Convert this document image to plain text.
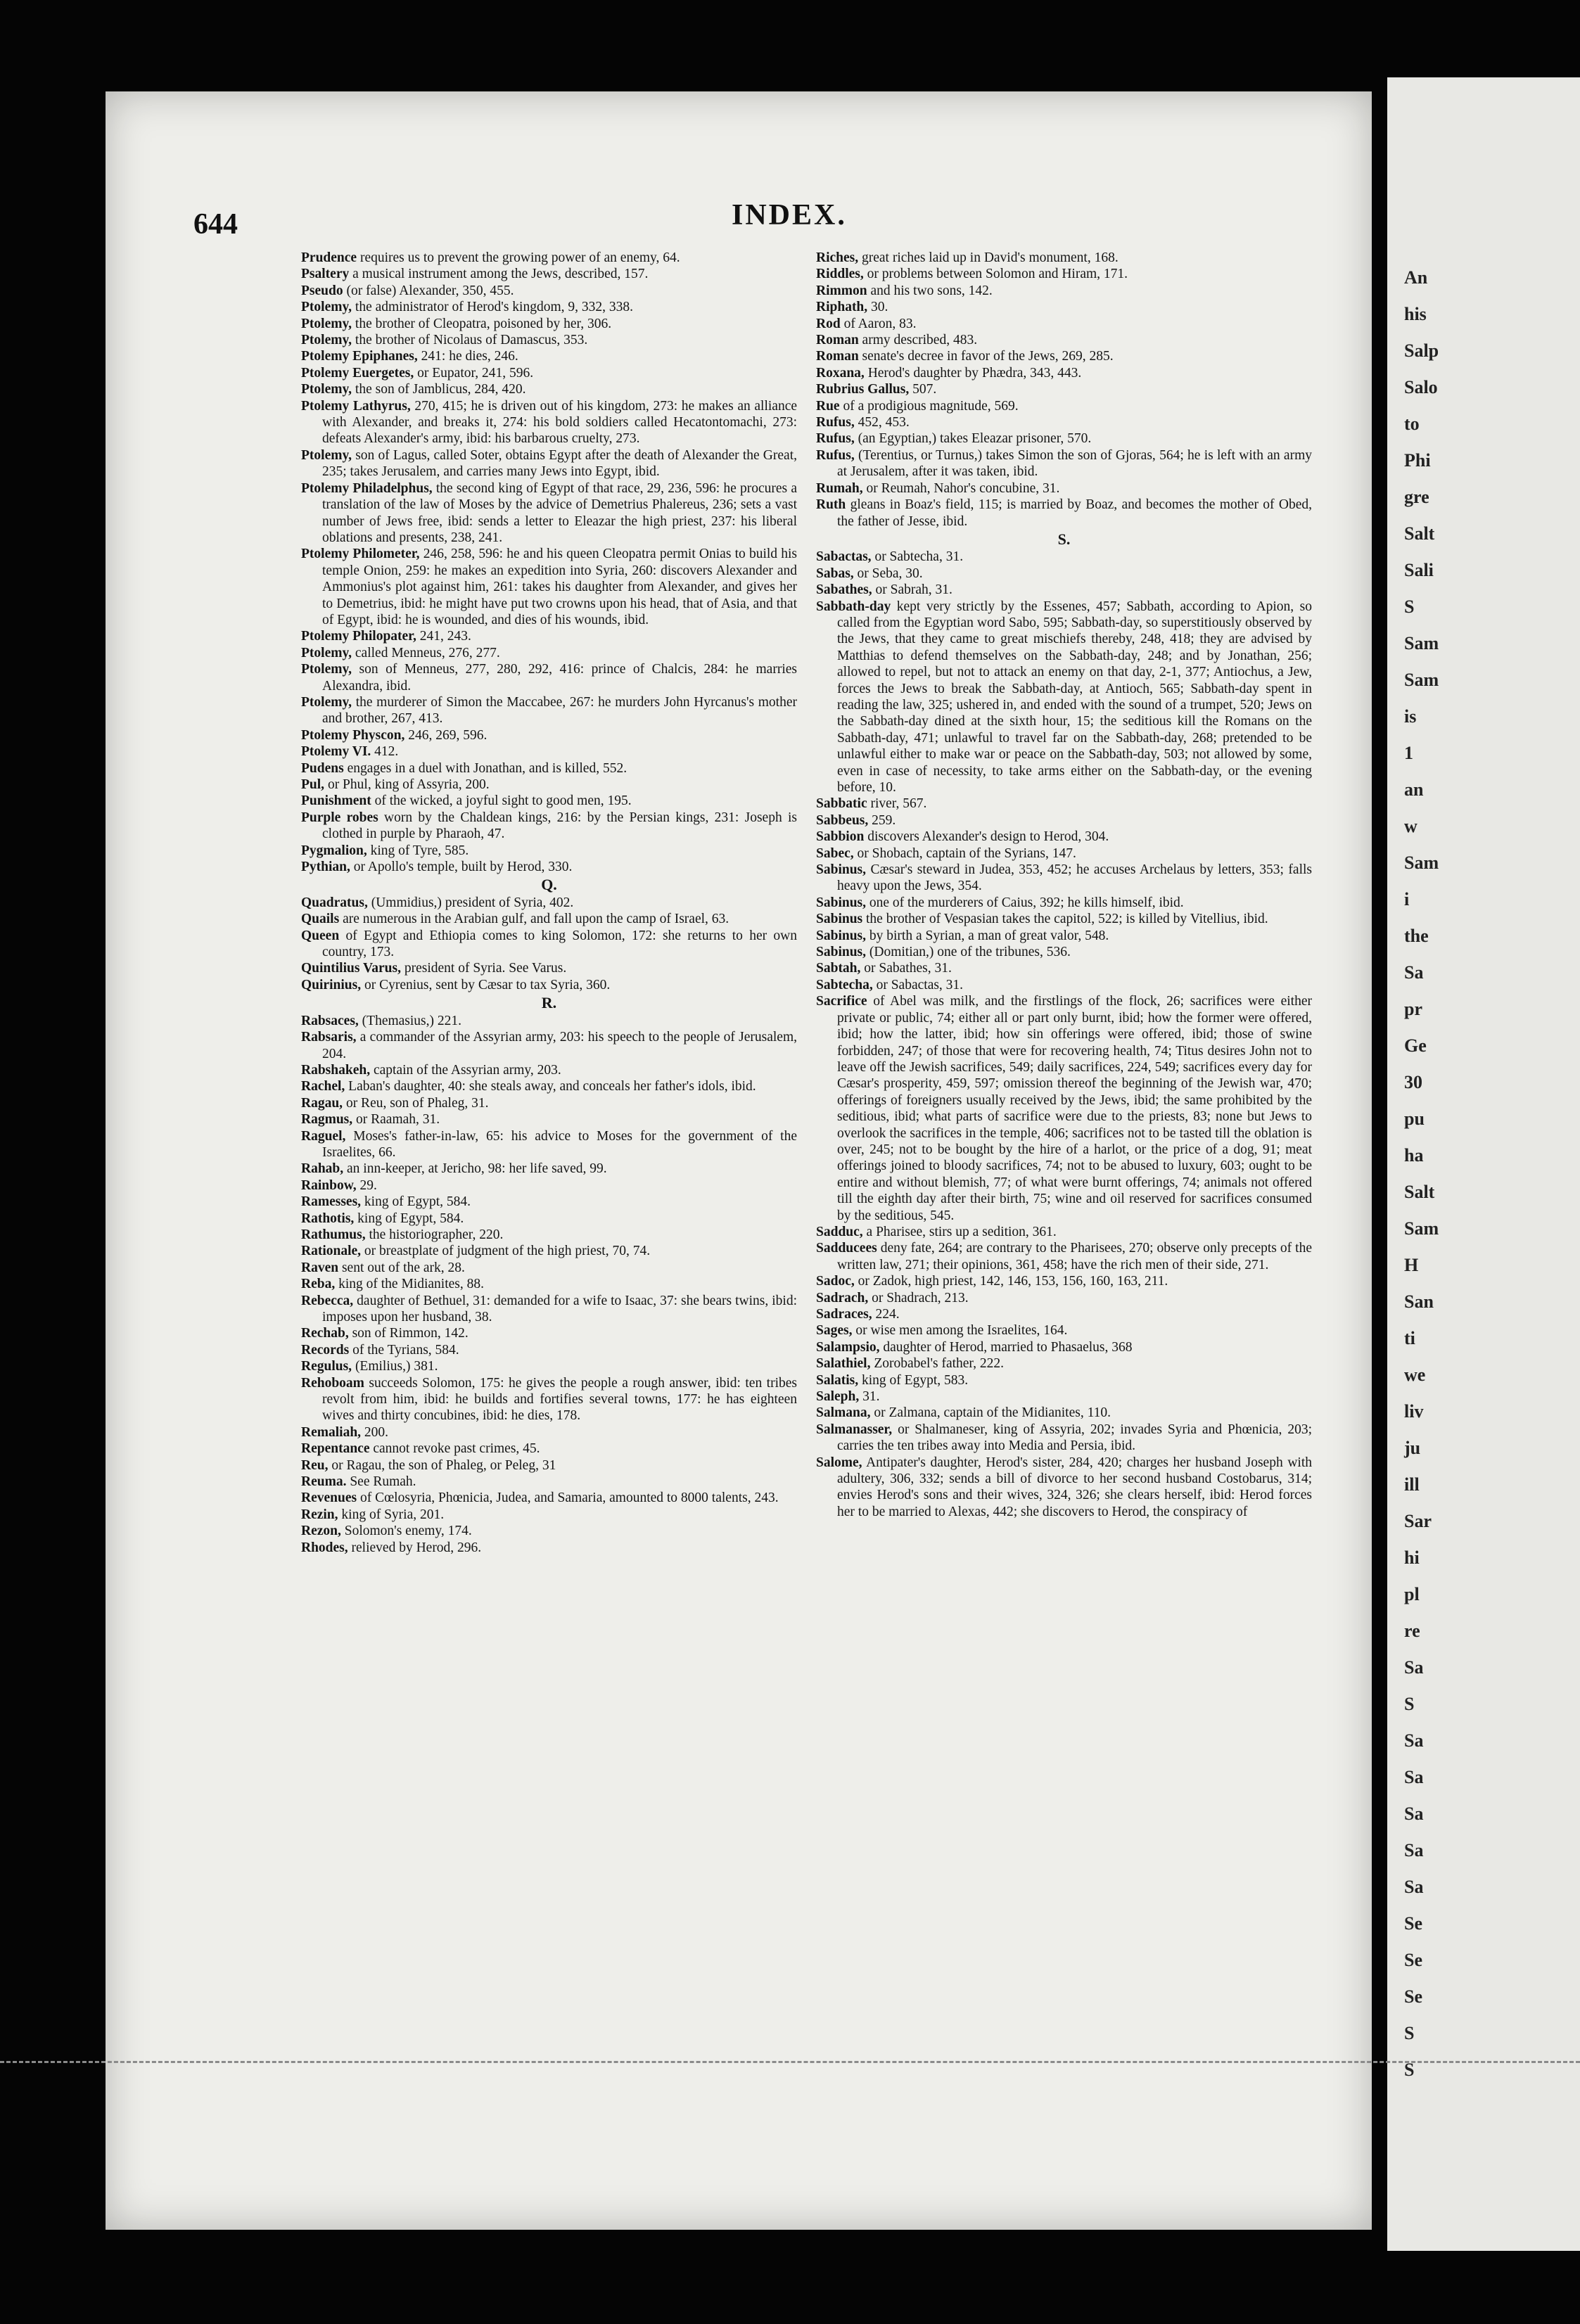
An
his
Salp
Salo
to
Phi
gre
Salt
Sali
S
Sam
Sam
is
1
an
w
Sam
i
the
Sa
pr
Ge
30
pu
ha
Salt
Sam
H
San
ti
we
liv
ju
ill
Sar
hi
pl
re
Sa
S
Sa
Sa
Sa
Sa
Sa
Se
Se
Se
S
S
644	INDEX.

Prudence requires us to prevent the growing power of an enemy, 64.

Psaltery a musical instrument among the Jews, described, 157.

Pseudo (or false) Alexander, 350, 455.

Ptolemy, the administrator of Herod's kingdom, 9, 332, 338.

Ptolemy, the brother of Cleopatra, poisoned by her, 306.

Ptolemy, the brother of Nicolaus of Damascus, 353.

Ptolemy Epiphanes, 241: he dies, 246.

Ptolemy Euergetes, or Eupator, 241, 596.

Ptolemy, the son of Jamblicus, 284, 420.

Ptolemy Lathyrus, 270, 415; he is driven out of his kingdom, 273: he makes an alliance with Alexander, and breaks it, 274: his bold soldiers called Hecatontomachi, 273: defeats Alexander's army, ibid: his barbarous cruelty, 273.

Ptolemy, son of Lagus, called Soter, obtains Egypt after the death of Alexander the Great, 235; takes Jerusalem, and carries many Jews into Egypt, ibid.

Ptolemy Philadelphus, the second king of Egypt of that race, 29, 236, 596: he procures a translation of the law of Moses by the advice of Demetrius Phalereus, 236; sets a vast number of Jews free, ibid: sends a letter to Eleazar the high priest, 237: his liberal oblations and presents, 238, 241.

Ptolemy Philometer, 246, 258, 596: he and his queen Cleopatra permit Onias to build his temple Onion, 259: he makes an expedition into Syria, 260: discovers Alexander and Ammonius's plot against him, 261: takes his daughter from Alexander, and gives her to Demetrius, ibid: he might have put two crowns upon his head, that of Asia, and that of Egypt, ibid: he is wounded, and dies of his wounds, ibid.

Ptolemy Philopater, 241, 243.

Ptolemy, called Menneus, 276, 277.

Ptolemy, son of Menneus, 277, 280, 292, 416: prince of Chalcis, 284: he marries Alexandra, ibid.

Ptolemy, the murderer of Simon the Maccabee, 267: he murders John Hyrcanus's mother and brother, 267, 413.

Ptolemy Physcon, 246, 269, 596.

Ptolemy VI. 412.

Pudens engages in a duel with Jonathan, and is killed, 552.

Pul, or Phul, king of Assyria, 200.

Punishment of the wicked, a joyful sight to good men, 195.

Purple robes worn by the Chaldean kings, 216: by the Persian kings, 231: Joseph is clothed in purple by Pharaoh, 47.

Pygmalion, king of Tyre, 585.

Pythian, or Apollo's temple, built by Herod, 330.

Q.

Quadratus, (Ummidius,) president of Syria, 402.

Quails are numerous in the Arabian gulf, and fall upon the camp of Israel, 63.

Queen of Egypt and Ethiopia comes to king Solomon, 172: she returns to her own country, 173.

Quintilius Varus, president of Syria. See Varus.

Quirinius, or Cyrenius, sent by Cæsar to tax Syria, 360.

R.

Rabsaces, (Themasius,) 221.

Rabsaris, a commander of the Assyrian army, 203: his speech to the people of Jerusalem, 204.

Rabshakeh, captain of the Assyrian army, 203.

Rachel, Laban's daughter, 40: she steals away, and conceals her father's idols, ibid.

Ragau, or Reu, son of Phaleg, 31.

Ragmus, or Raamah, 31.

Raguel, Moses's father-in-law, 65: his advice to Moses for the government of the Israelites, 66.

Rahab, an inn-keeper, at Jericho, 98: her life saved, 99.

Rainbow, 29.

Ramesses, king of Egypt, 584.

Rathotis, king of Egypt, 584.

Rathumus, the historiographer, 220.

Rationale, or breastplate of judgment of the high priest, 70, 74.

Raven sent out of the ark, 28.

Reba, king of the Midianites, 88.

Rebecca, daughter of Bethuel, 31: demanded for a wife to Isaac, 37: she bears twins, ibid: imposes upon her husband, 38.

Rechab, son of Rimmon, 142.

Records of the Tyrians, 584.

Regulus, (Emilius,) 381.

Rehoboam succeeds Solomon, 175: he gives the people a rough answer, ibid: ten tribes revolt from him, ibid: he builds and fortifies several towns, 177: he has eighteen wives and thirty concubines, ibid: he dies, 178.

Remaliah, 200.

Repentance cannot revoke past crimes, 45.

Reu, or Ragau, the son of Phaleg, or Peleg, 31

Reuma. See Rumah.

Revenues of Cœlosyria, Phœnicia, Judea, and Samaria, amounted to 8000 talents, 243.

Rezin, king of Syria, 201.

Rezon, Solomon's enemy, 174.

Rhodes, relieved by Herod, 296.

Riches, great riches laid up in David's monument, 168.

Riddles, or problems between Solomon and Hiram, 171.

Rimmon and his two sons, 142.

Riphath, 30.

Rod of Aaron, 83.

Roman army described, 483.

Roman senate's decree in favor of the Jews, 269, 285.

Roxana, Herod's daughter by Phædra, 343, 443.

Rubrius Gallus, 507.

Rue of a prodigious magnitude, 569.

Rufus, 452, 453.

Rufus, (an Egyptian,) takes Eleazar prisoner, 570.

Rufus, (Terentius, or Turnus,) takes Simon the son of Gjoras, 564; he is left with an army at Jerusalem, after it was taken, ibid.

Rumah, or Reumah, Nahor's concubine, 31.

Ruth gleans in Boaz's field, 115; is married by Boaz, and becomes the mother of Obed, the father of Jesse, ibid.

S.

Sabactas, or Sabtecha, 31.

Sabas, or Seba, 30.

Sabathes, or Sabrah, 31.

Sabbath-day kept very strictly by the Essenes, 457; Sabbath, according to Apion, so called from the Egyptian word Sabo, 595; Sabbath-day, so superstitiously observed by the Jews, that they came to great mischiefs thereby, 248, 418; they are advised by Matthias to defend themselves on the Sabbath-day, 248; and by Jonathan, 256; allowed to repel, but not to attack an enemy on that day, 2-1, 377; Antiochus, a Jew, forces the Jews to break the Sabbath-day, at Antioch, 565; Sabbath-day spent in reading the law, 325; ushered in, and ended with the sound of a trumpet, 520; Jews on the Sabbath-day dined at the sixth hour, 15; the seditious kill the Romans on the Sabbath-day, 471; unlawful to travel far on the Sabbath-day, 268; pretended to be unlawful either to make war or peace on the Sabbath-day, 503; not allowed by some, even in case of necessity, to take arms either on the Sabbath-day, or the evening before, 10.

Sabbatic river, 567.

Sabbeus, 259.

Sabbion discovers Alexander's design to Herod, 304.

Sabec, or Shobach, captain of the Syrians, 147.

Sabinus, Cæsar's steward in Judea, 353, 452; he accuses Archelaus by letters, 353; falls heavy upon the Jews, 354.

Sabinus, one of the murderers of Caius, 392; he kills himself, ibid.

Sabinus the brother of Vespasian takes the capitol, 522; is killed by Vitellius, ibid.

Sabinus, by birth a Syrian, a man of great valor, 548.

Sabinus, (Domitian,) one of the tribunes, 536.

Sabtah, or Sabathes, 31.

Sabtecha, or Sabactas, 31.

Sacrifice of Abel was milk, and the firstlings of the flock, 26; sacrifices were either private or public, 74; either all or part only burnt, ibid; how the former were offered, ibid; how the latter, ibid; how sin offerings were offered, ibid; those of swine forbidden, 247; of those that were for recovering health, 74; Titus desires John not to leave off the Jewish sacrifices, 549; daily sacrifices, 224, 549; sacrifices every day for Cæsar's prosperity, 459, 597; omission thereof the beginning of the Jewish war, 470; offerings of foreigners usually received by the Jews, ibid; the same prohibited by the seditious, ibid; what parts of sacrifice were due to the priests, 83; none but Jews to overlook the sacrifices in the temple, 406; sacrifices not to be tasted till the oblation is over, 245; not to be bought by the hire of a harlot, or the price of a dog, 91; meat offerings joined to bloody sacrifices, 74; not to be abused to luxury, 603; ought to be entire and without blemish, 77; of what were burnt offerings, 74; animals not offered till the eighth day after their birth, 75; wine and oil reserved for sacrifices consumed by the seditious, 545.

Sadduc, a Pharisee, stirs up a sedition, 361.

Sadducees deny fate, 264; are contrary to the Pharisees, 270; observe only precepts of the written law, 271; their opinions, 361, 458; have the rich men of their side, 271.

Sadoc, or Zadok, high priest, 142, 146, 153, 156, 160, 163, 211.

Sadrach, or Shadrach, 213.

Sadraces, 224.

Sages, or wise men among the Israelites, 164.

Salampsio, daughter of Herod, married to Phasaelus, 368

Salathiel, Zorobabel's father, 222.

Salatis, king of Egypt, 583.

Saleph, 31.

Salmana, or Zalmana, captain of the Midianites, 110.

Salmanasser, or Shalmaneser, king of Assyria, 202; invades Syria and Phœnicia, 203; carries the ten tribes away into Media and Persia, ibid.

Salome, Antipater's daughter, Herod's sister, 284, 420; charges her husband Joseph with adultery, 306, 332; sends a bill of divorce to her second husband Costobarus, 314; envies Herod's sons and their wives, 324, 326; she clears herself, ibid: Herod forces her to be married to Alexas, 442; she discovers to Herod, the conspiracy of
